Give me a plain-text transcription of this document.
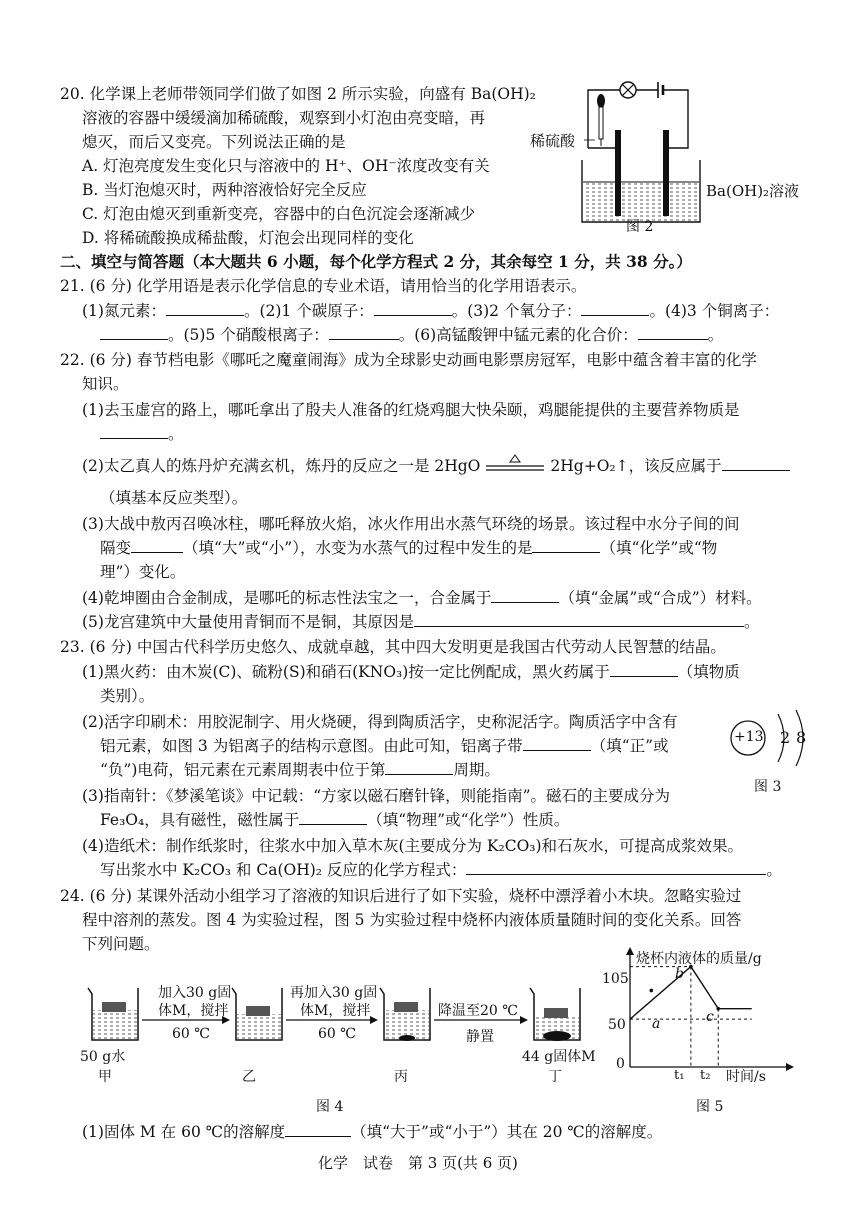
20. 化学课上老师带领同学们做了如图 2 所示实验，向盛有 Ba(OH)₂
溶液的容器中缓缓滴加稀硫酸，观察到小灯泡由亮变暗，再
熄灭，而后又变亮。下列说法正确的是
A. 灯泡亮度发生变化只与溶液中的 H⁺、OH⁻浓度改变有关
B. 当灯泡熄灭时，两种溶液恰好完全反应
C. 灯泡由熄灭到重新变亮，容器中的白色沉淀会逐渐减少
D. 将稀硫酸换成稀盐酸，灯泡会出现同样的变化
稀硫酸
Ba(OH)₂溶液
图 2
二、填空与简答题（本大题共 6 小题，每个化学方程式 2 分，其余每空 1 分，共 38 分。）
21. (6 分) 化学用语是表示化学信息的专业术语，请用恰当的化学用语表示。
(1)氮元素：	。(2)1 个碳原子：	。(3)2 个氧分子：	。(4)3 个铜离子：
。(5)5 个硝酸根离子：	。(6)高锰酸钾中锰元素的化合价：	。
22. (6 分) 春节档电影《哪吒之魔童闹海》成为全球影史动画电影票房冠军，电影中蕴含着丰富的化学
知识。
(1)去玉虚宫的路上，哪吒拿出了殷夫人准备的红烧鸡腿大快朵颐，鸡腿能提供的主要营养物质是
。
(2)太乙真人的炼丹炉充满玄机，炼丹的反应之一是 2HgO	2Hg+O₂↑，该反应属于
（填基本反应类型）。
(3)大战中敖丙召唤冰柱，哪吒释放火焰，冰火作用出水蒸气环绕的场景。该过程中水分子间的间
隔变	（填“大”或“小”），水变为水蒸气的过程中发生的是	（填“化学”或“物
理”）变化。
(4)乾坤圈由合金制成，是哪吒的标志性法宝之一，合金属于	（填“金属”或“合成”）材料。
(5)龙宫建筑中大量使用青铜而不是铜，其原因是	。
23. (6 分) 中国古代科学历史悠久、成就卓越，其中四大发明更是我国古代劳动人民智慧的结晶。
(1)黑火药：由木炭(C)、硫粉(S)和硝石(KNO₃)按一定比例配成，黑火药属于	（填物质
类别）。
(2)活字印刷术：用胶泥制字、用火烧硬，得到陶质活字，史称泥活字。陶质活字中含有
铝元素，如图 3 为铝离子的结构示意图。由此可知，铝离子带	（填“正”或
“负”)电荷，铝元素在元素周期表中位于第	周期。
(3)指南针：《梦溪笔谈》中记载：“方家以磁石磨针锋，则能指南”。磁石的主要成分为
Fe₃O₄，具有磁性，磁性属于	（填“物理”或“化学”）性质。
(4)造纸术：制作纸浆时，往浆水中加入草木灰(主要成分为 K₂CO₃)和石灰水，可提高成浆效果。
写出浆水中 K₂CO₃ 和 Ca(OH)₂ 反应的化学方程式：	。
+13 2 8
图 3
24. (6 分) 某课外活动小组学习了溶液的知识后进行了如下实验，烧杯中漂浮着小木块。忽略实验过
程中溶剂的蒸发。图 4 为实验过程，图 5 为实验过程中烧杯内液体质量随时间的变化关系。回答
下列问题。
加入30 g固
体M，搅拌
60 ℃
再加入30 g固
体M，搅拌
60 ℃
降温至20 ℃
静置
50 g水	44 g固体M
甲	乙	丙	丁
图 4
烧杯内液体的质量/g
时间/s
0
105
50
t₁ t₂
a
b
c
图 5
(1)固体 M 在 60 ℃的溶解度	（填“大于”或“小于”）其在 20 ℃的溶解度。
化学　试卷　第 3 页(共 6 页)
